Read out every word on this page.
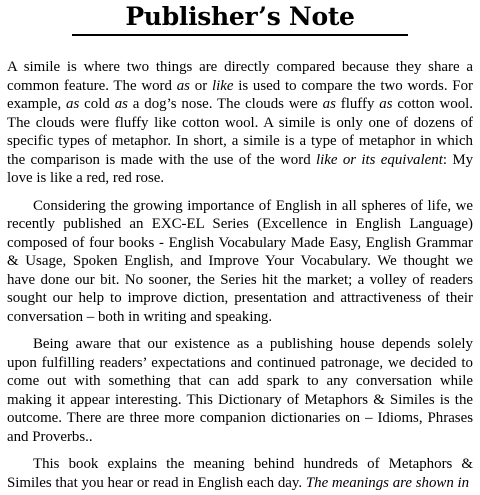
Publisher’s Note

A simile is where two things are directly compared because they share a common feature. The word as or like is used to compare the two words. For example, as cold as a dog’s nose. The clouds were as fluffy as cotton wool. The clouds were fluffy like cotton wool. A simile is only one of dozens of specific types of metaphor. In short, a simile is a type of metaphor in which the comparison is made with the use of the word like or its equivalent: My love is like a red, red rose.

Considering the growing importance of English in all spheres of life, we recently published an EXC-EL Series (Excellence in English Language) composed of four books - English Vocabulary Made Easy, English Grammar & Usage, Spoken English, and Improve Your Vocabulary. We thought we have done our bit. No sooner, the Series hit the market; a volley of readers sought our help to improve diction, presentation and attractiveness of their conversation – both in writing and speaking.

Being aware that our existence as a publishing house depends solely upon fulfilling readers’ expectations and continued patronage, we decided to come out with something that can add spark to any conversation while making it appear interesting. This Dictionary of Metaphors & Similes is the outcome. There are three more companion dictionaries on – Idioms, Phrases and Proverbs..

This book explains the meaning behind hundreds of Metaphors & Similes that you hear or read in English each day. The meanings are shown in
